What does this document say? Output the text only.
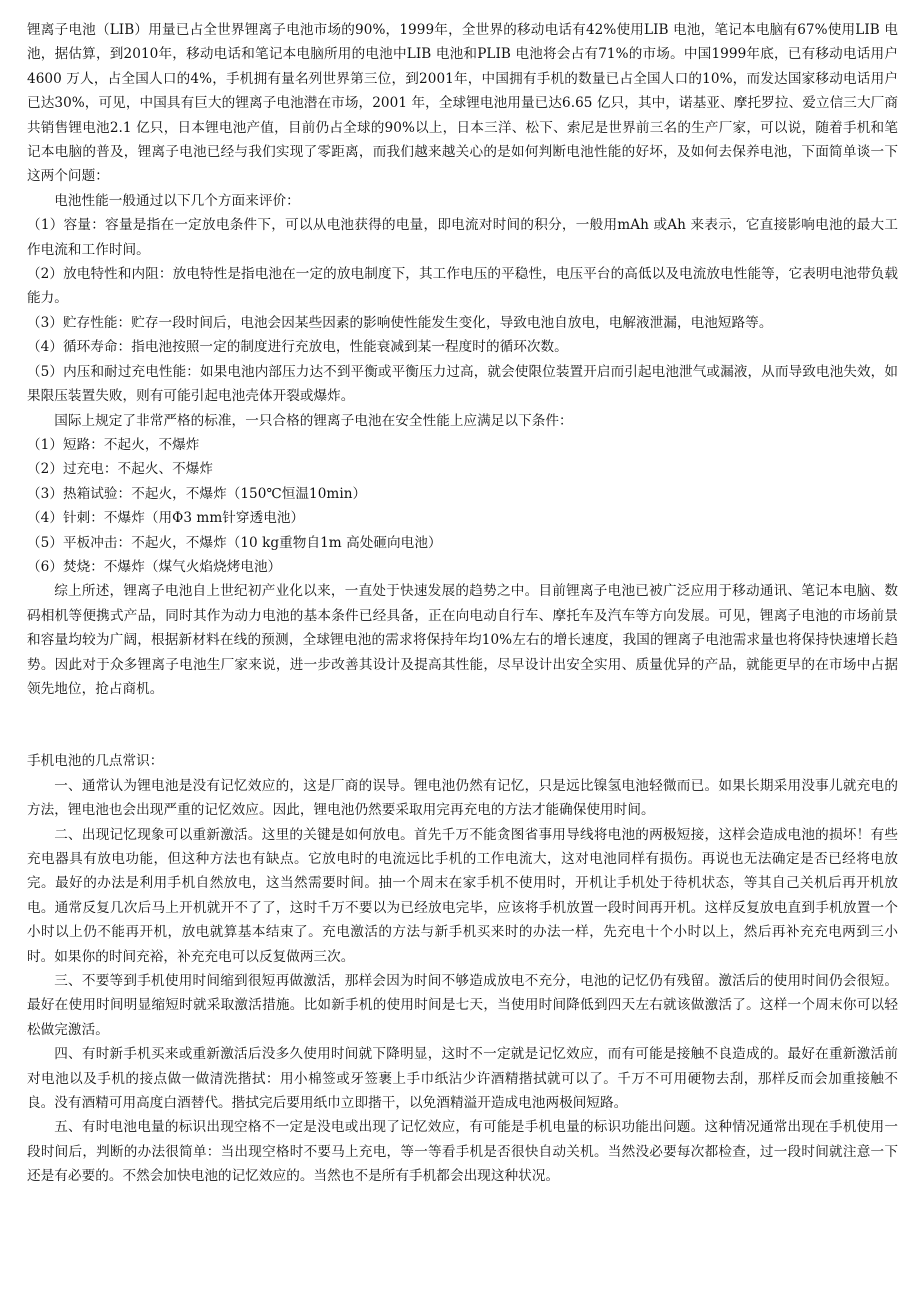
锂离子电池（LIB）用量已占全世界锂离子电池市场的90%，1999年，全世界的移动电话有42%使用LIB 电池，笔记本电脑有67%使用LIB 电池，据估算，到2010年，移动电话和笔记本电脑所用的电池中LIB 电池和PLIB 电池将会占有71%的市场。中国1999年底，已有移动电话用户4600 万人，占全国人口的4%，手机拥有量名列世界第三位，到2001年，中国拥有手机的数量已占全国人口的10%，而发达国家移动电话用户已达30%，可见，中国具有巨大的锂离子电池潜在市场，2001 年，全球锂电池用量已达6.65 亿只，其中，诺基亚、摩托罗拉、爱立信三大厂商共销售锂电池2.1 亿只，日本锂电池产值，目前仍占全球的90%以上，日本三洋、松下、索尼是世界前三名的生产厂家，可以说，随着手机和笔记本电脑的普及，锂离子电池已经与我们实现了零距离，而我们越来越关心的是如何判断电池性能的好坏，及如何去保养电池，下面简单谈一下这两个问题：

电池性能一般通过以下几个方面来评价：

（1）容量：容量是指在一定放电条件下，可以从电池获得的电量，即电流对时间的积分，一般用mAh 或Ah 来表示，它直接影响电池的最大工作电流和工作时间。

（2）放电特性和内阻：放电特性是指电池在一定的放电制度下，其工作电压的平稳性，电压平台的高低以及电流放电性能等，它表明电池带负载能力。

（3）贮存性能：贮存一段时间后，电池会因某些因素的影响使性能发生变化，导致电池自放电，电解液泄漏，电池短路等。

（4）循环寿命：指电池按照一定的制度进行充放电，性能衰减到某一程度时的循环次数。

（5）内压和耐过充电性能：如果电池内部压力达不到平衡或平衡压力过高，就会使限位装置开启而引起电池泄气或漏液，从而导致电池失效，如果限压装置失败，则有可能引起电池壳体开裂或爆炸。

国际上规定了非常严格的标准，一只合格的锂离子电池在安全性能上应满足以下条件：

（1）短路：不起火，不爆炸

（2）过充电：不起火、不爆炸

（3）热箱试验：不起火，不爆炸（150℃恒温10min）

（4）针刺：不爆炸（用Φ3 mm针穿透电池）

（5）平板冲击：不起火，不爆炸（10 kg重物自1m 高处砸向电池）

（6）焚烧：不爆炸（煤气火焰烧烤电池）

综上所述，锂离子电池自上世纪初产业化以来，一直处于快速发展的趋势之中。目前锂离子电池已被广泛应用于移动通讯、笔记本电脑、数码相机等便携式产品，同时其作为动力电池的基本条件已经具备，正在向电动自行车、摩托车及汽车等方向发展。可见，锂离子电池的市场前景和容量均较为广阔，根据新材料在线的预测，全球锂电池的需求将保持年均10%左右的增长速度，我国的锂离子电池需求量也将保持快速增长趋势。因此对于众多锂离子电池生厂家来说，进一步改善其设计及提高其性能，尽早设计出安全实用、质量优异的产品，就能更早的在市场中占据领先地位，抢占商机。

手机电池的几点常识：

一、通常认为锂电池是没有记忆效应的，这是厂商的误导。锂电池仍然有记忆，只是远比镍氢电池轻微而已。如果长期采用没事儿就充电的方法，锂电池也会出现严重的记忆效应。因此，锂电池仍然要采取用完再充电的方法才能确保使用时间。

二、出现记忆现象可以重新激活。这里的关键是如何放电。首先千万不能贪图省事用导线将电池的两极短接，这样会造成电池的损坏！有些充电器具有放电功能，但这种方法也有缺点。它放电时的电流远比手机的工作电流大，这对电池同样有损伤。再说也无法确定是否已经将电放完。最好的办法是利用手机自然放电，这当然需要时间。抽一个周末在家手机不使用时，开机让手机处于待机状态，等其自己关机后再开机放电。通常反复几次后马上开机就开不了了，这时千万不要以为已经放电完毕，应该将手机放置一段时间再开机。这样反复放电直到手机放置一个小时以上仍不能再开机，放电就算基本结束了。充电激活的方法与新手机买来时的办法一样，先充电十个小时以上，然后再补充充电两到三小时。如果你的时间充裕，补充充电可以反复做两三次。

三、不要等到手机使用时间缩到很短再做激活，那样会因为时间不够造成放电不充分，电池的记忆仍有残留。激活后的使用时间仍会很短。最好在使用时间明显缩短时就采取激活措施。比如新手机的使用时间是七天，当使用时间降低到四天左右就该做激活了。这样一个周末你可以轻松做完激活。

四、有时新手机买来或重新激活后没多久使用时间就下降明显，这时不一定就是记忆效应，而有可能是接触不良造成的。最好在重新激活前对电池以及手机的接点做一做清洗揩拭：用小棉签或牙签裹上手巾纸沾少许酒精揩拭就可以了。千万不可用硬物去刮，那样反而会加重接触不良。没有酒精可用高度白酒替代。揩拭完后要用纸巾立即揩干，以免酒精溢开造成电池两极间短路。

五、有时电池电量的标识出现空格不一定是没电或出现了记忆效应，有可能是手机电量的标识功能出问题。这种情况通常出现在手机使用一段时间后，判断的办法很简单：当出现空格时不要马上充电，等一等看手机是否很快自动关机。当然没必要每次都检查，过一段时间就注意一下还是有必要的。不然会加快电池的记忆效应的。当然也不是所有手机都会出现这种状况。
